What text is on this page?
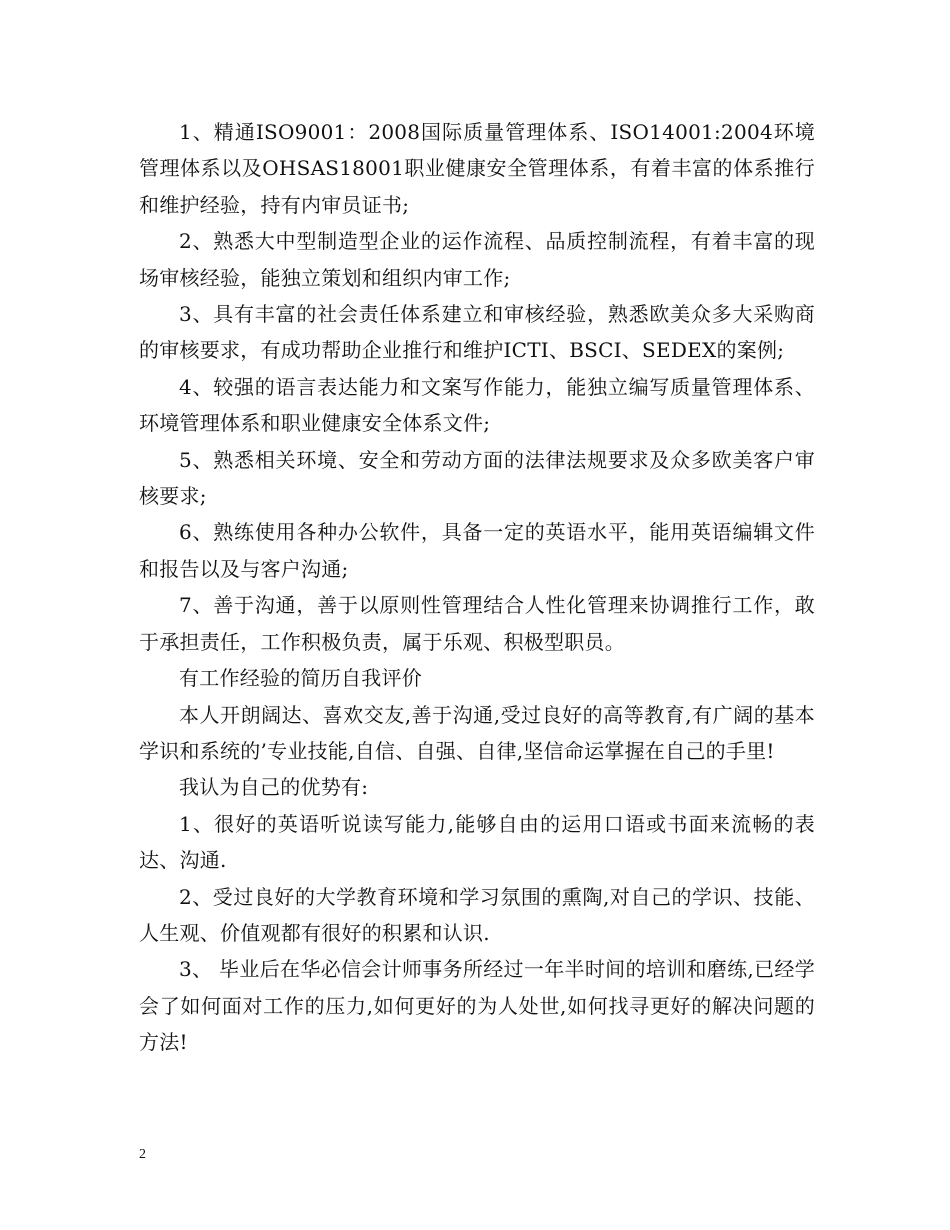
1、精通ISO9001：2008国际质量管理体系、ISO14001:2004环境管理体系以及OHSAS18001职业健康安全管理体系，有着丰富的体系推行和维护经验，持有内审员证书;

2、熟悉大中型制造型企业的运作流程、品质控制流程，有着丰富的现场审核经验，能独立策划和组织内审工作;

3、具有丰富的社会责任体系建立和审核经验，熟悉欧美众多大采购商的审核要求，有成功帮助企业推行和维护ICTI、BSCI、SEDEX的案例;

4、较强的语言表达能力和文案写作能力，能独立编写质量管理体系、环境管理体系和职业健康安全体系文件;

5、熟悉相关环境、安全和劳动方面的法律法规要求及众多欧美客户审核要求;

6、熟练使用各种办公软件，具备一定的英语水平，能用英语编辑文件和报告以及与客户沟通;

7、善于沟通，善于以原则性管理结合人性化管理来协调推行工作，敢于承担责任，工作积极负责，属于乐观、积极型职员。

有工作经验的简历自我评价

本人开朗阔达、喜欢交友,善于沟通,受过良好的高等教育,有广阔的基本学识和系统的’专业技能,自信、自强、自律,坚信命运掌握在自己的手里!

我认为自己的优势有:

1、很好的英语听说读写能力,能够自由的运用口语或书面来流畅的表达、沟通.

2、受过良好的大学教育环境和学习氛围的熏陶,对自己的学识、技能、人生观、价值观都有很好的积累和认识.

3、 毕业后在华必信会计师事务所经过一年半时间的培训和磨练,已经学会了如何面对工作的压力,如何更好的为人处世,如何找寻更好的解决问题的方法!

2
